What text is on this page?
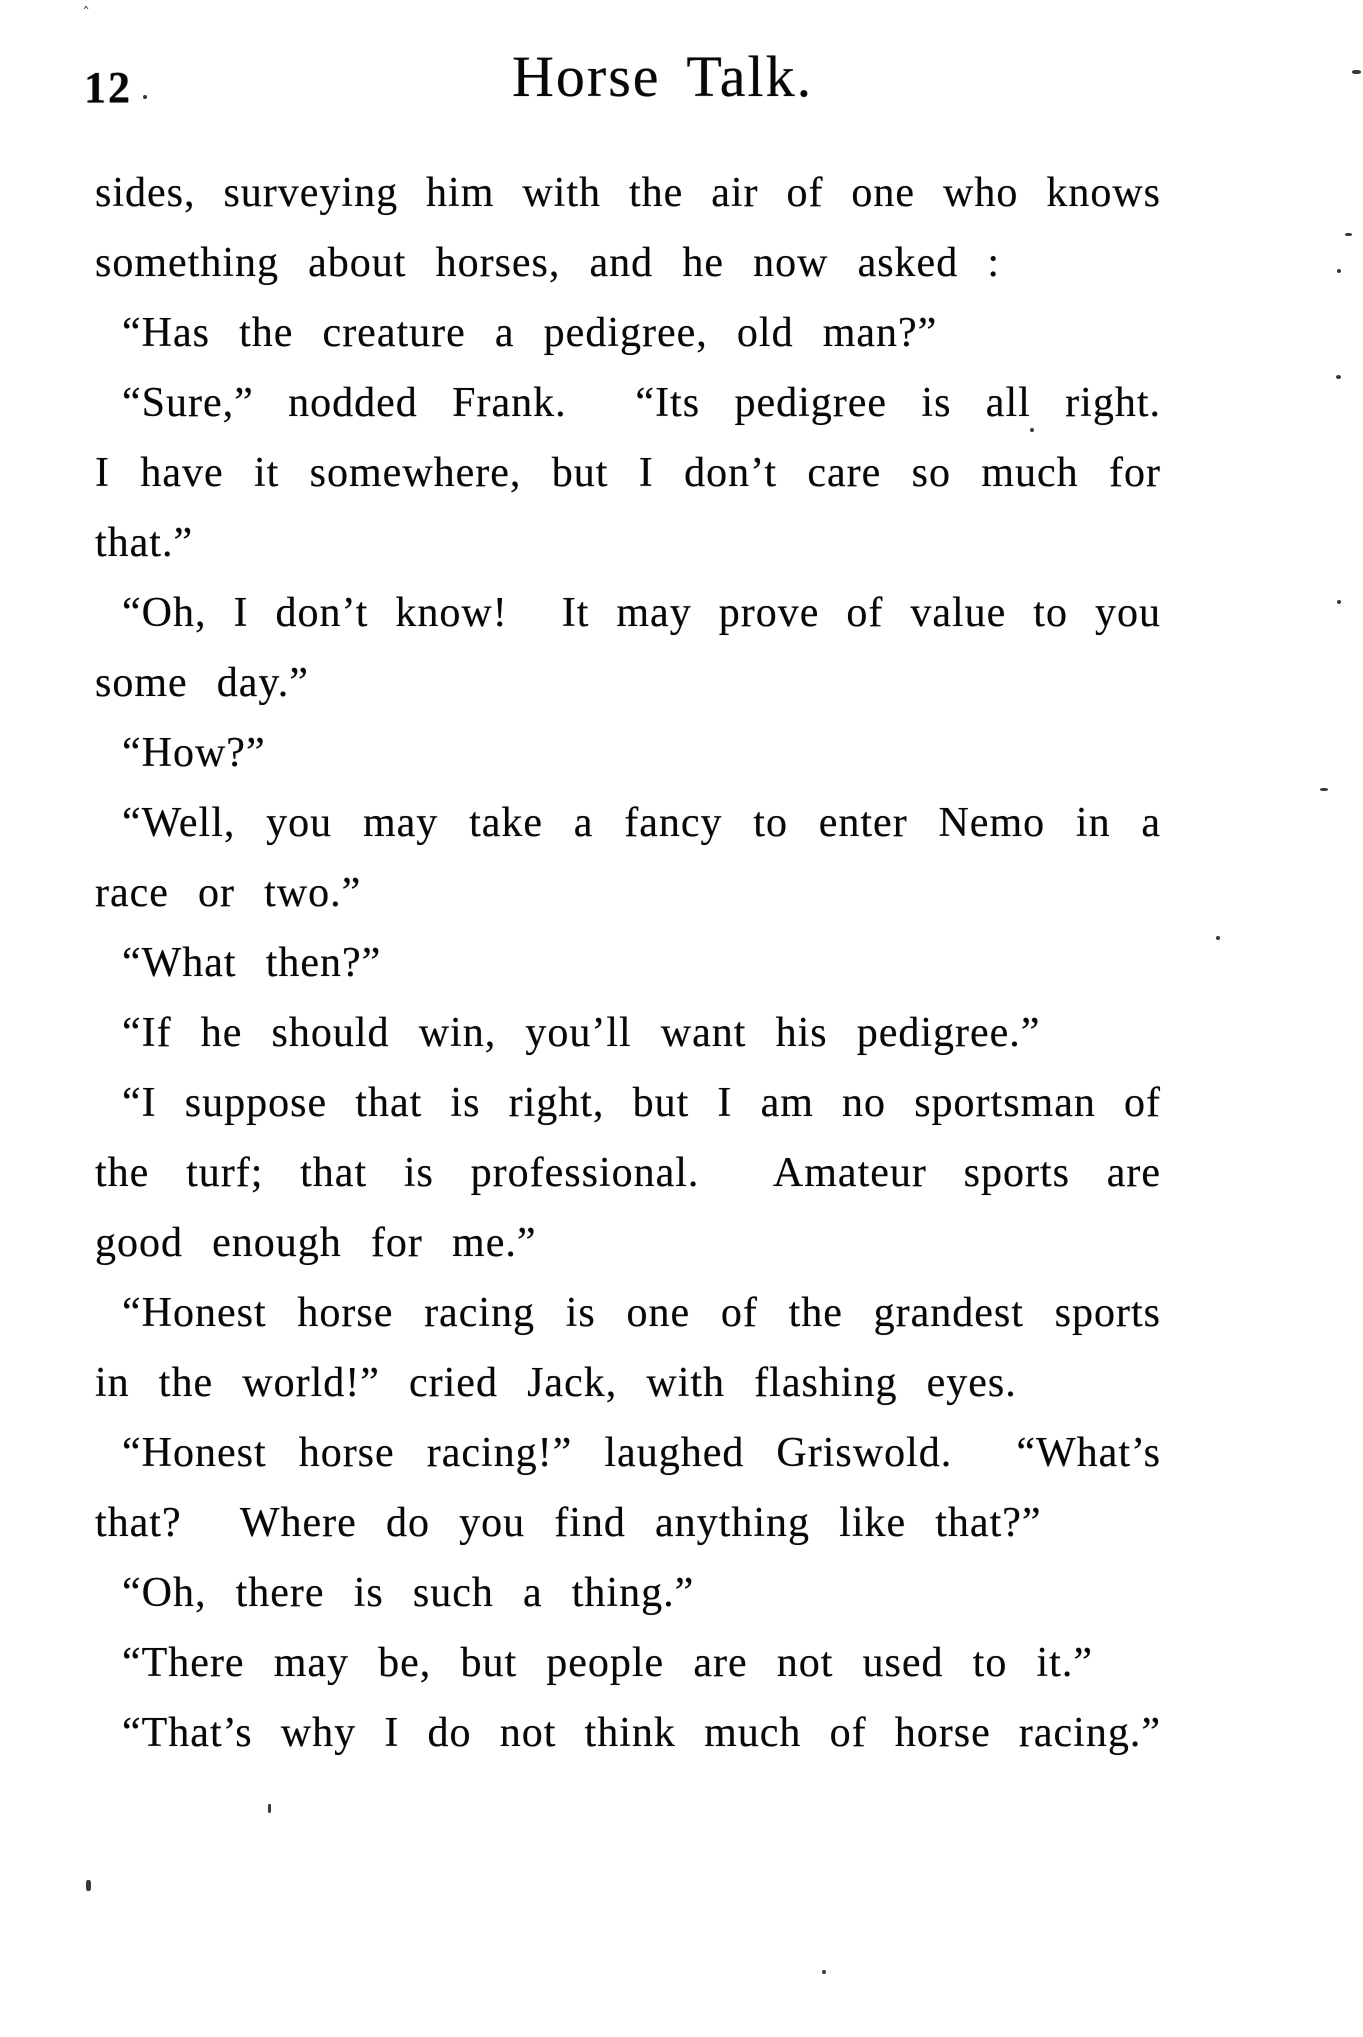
12	Horse Talk.
sides, surveying him with the air of one who knows
something about horses, and he now asked :
“Has the creature a pedigree, old man?”
“Sure,” nodded Frank.  “Its pedigree is all right.
I have it somewhere, but I don’t care so much for
that.”
“Oh, I don’t know!  It may prove of value to you
some day.”
“How?”
“Well, you may take a fancy to enter Nemo in a
race or two.”
“What then?”
“If he should win, you’ll want his pedigree.”
“I suppose that is right, but I am no sportsman of
the turf; that is professional.  Amateur sports are
good enough for me.”
“Honest horse racing is one of the grandest sports
in the world!” cried Jack, with flashing eyes.
“Honest horse racing!” laughed Griswold.  “What’s
that?  Where do you find anything like that?”
“Oh, there is such a thing.”
“There may be, but people are not used to it.”
“That’s why I do not think much of horse racing.”
ˆ
